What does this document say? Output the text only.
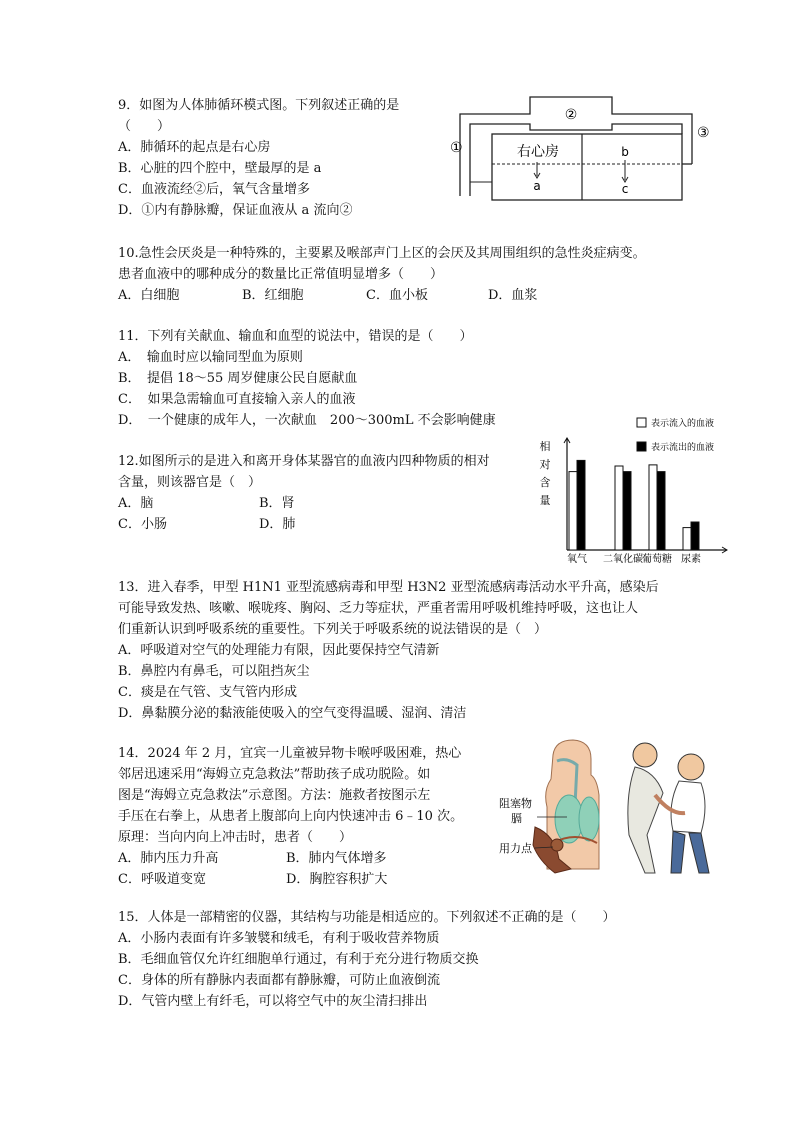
9．如图为人体肺循环模式图。下列叙述正确的是
（　　）
A．肺循环的起点是右心房
B．心脏的四个腔中，壁最厚的是 a
C．血液流经②后，氧气含量增多
D．①内有静脉瓣，保证血液从 a 流向②
②
①
③
右心房
a
b
c
10.急性会厌炎是一种特殊的，主要累及喉部声门上区的会厌及其周围组织的急性炎症病变。
患者血液中的哪种成分的数量比正常值明显增多（　　）
A．白细胞	B．红细胞	C．血小板	D．血浆
11．下列有关献血、输血和血型的说法中，错误的是（　　）
A．　输血时应以输同型血为原则
B．　提倡 18～55 周岁健康公民自愿献血
C．　如果急需输血可直接输入亲人的血液
D．　一个健康的成年人，一次献血　200～300mL 不会影响健康
12.如图所示的是进入和离开身体某器官的血液内四种物质的相对
含量，则该器官是（　）
A．脑	B．肾
C．小肠	D．肺
表示流入的血液
表示流出的血液
相
对
含
量
氧气 二氧化碳 葡萄糖 尿素
13．进入春季，甲型 H1N1 亚型流感病毒和甲型 H3N2 亚型流感病毒活动水平升高，感染后
可能导致发热、咳嗽、喉咙疼、胸闷、乏力等症状，严重者需用呼吸机维持呼吸，这也让人
们重新认识到呼吸系统的重要性。下列关于呼吸系统的说法错误的是（　）
A．呼吸道对空气的处理能力有限，因此要保持空气清新
B．鼻腔内有鼻毛，可以阻挡灰尘
C．痰是在气管、支气管内形成
D．鼻黏膜分泌的黏液能使吸入的空气变得温暖、湿润、清洁
14．2024 年 2 月，宜宾一儿童被异物卡喉呼吸困难，热心
邻居迅速采用“海姆立克急救法”帮助孩子成功脱险。如
图是“海姆立克急救法”示意图。方法：施救者按图示左
手压在右拳上，从患者上腹部向上向内快速冲击 6﹣10 次。
原理：当向内向上冲击时，患者（　　）
A．肺内压力升高	B．肺内气体增多
C．呼吸道变宽	D．胸腔容积扩大
阻塞物
膈
用力点
15．人体是一部精密的仪器，其结构与功能是相适应的。下列叙述不正确的是（　　）
A．小肠内表面有许多皱襞和绒毛，有利于吸收营养物质
B．毛细血管仅允许红细胞单行通过，有利于充分进行物质交换
C．身体的所有静脉内表面都有静脉瓣，可防止血液倒流
D．气管内壁上有纤毛，可以将空气中的灰尘清扫排出
